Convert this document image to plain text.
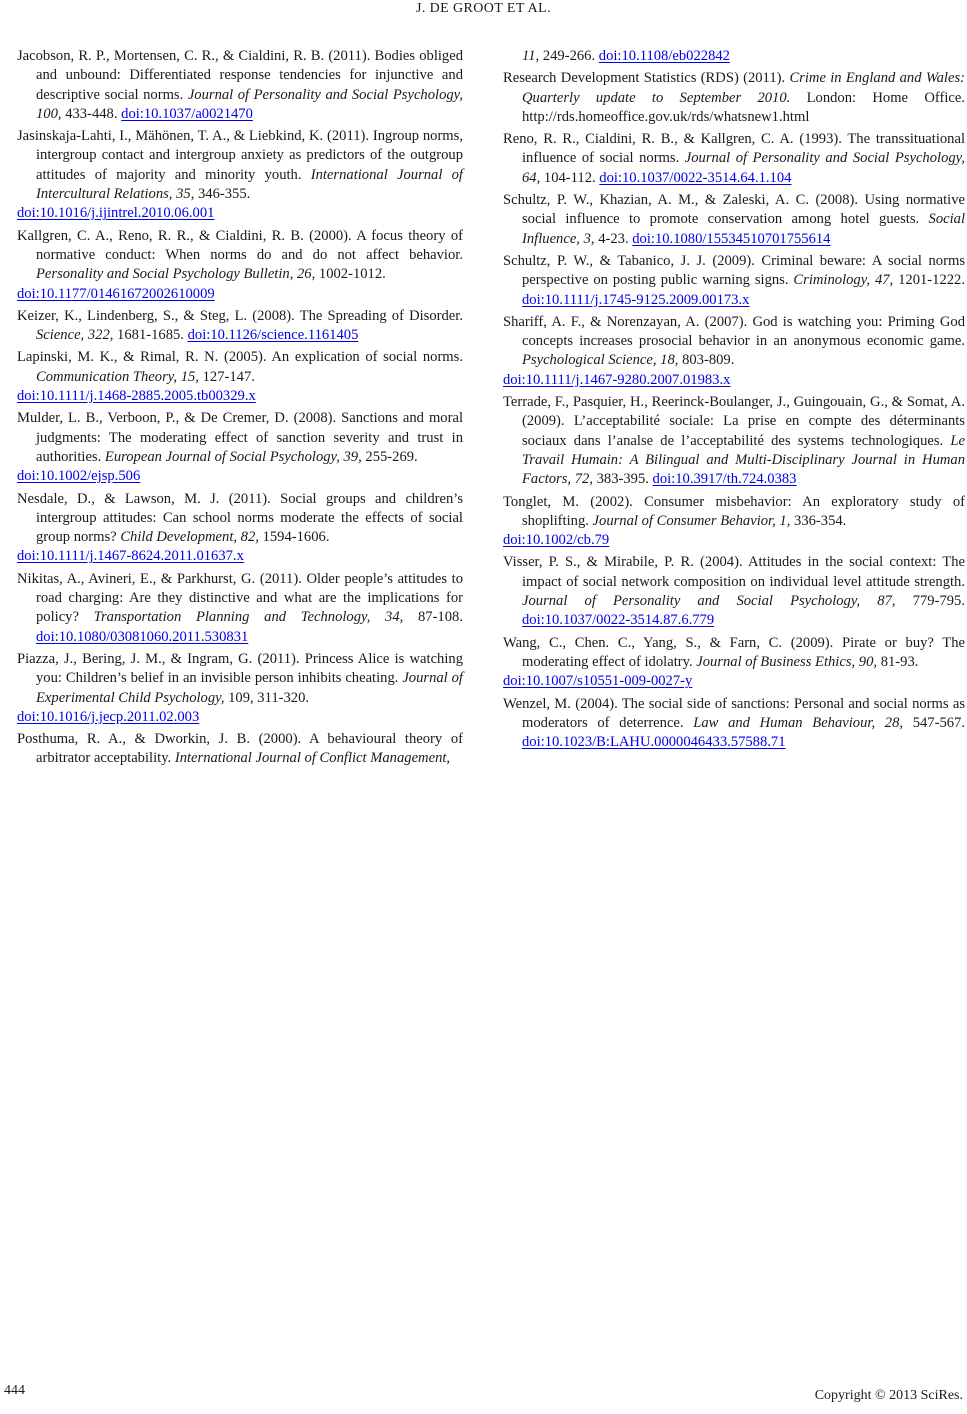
J. DE GROOT ET AL.

Jacobson, R. P., Mortensen, C. R., & Cialdini, R. B. (2011). Bodies obliged and unbound: Differentiated response tendencies for injunctive and descriptive social norms. Journal of Personality and Social Psychology, 100, 433-448. doi:10.1037/a0021470

Jasinskaja-Lahti, I., Mähönen, T. A., & Liebkind, K. (2011). Ingroup norms, intergroup contact and intergroup anxiety as predictors of the outgroup attitudes of majority and minority youth. International Journal of Intercultural Relations, 35, 346-355.
doi:10.1016/j.ijintrel.2010.06.001

Kallgren, C. A., Reno, R. R., & Cialdini, R. B. (2000). A focus theory of normative conduct: When norms do and do not affect behavior. Personality and Social Psychology Bulletin, 26, 1002-1012.
doi:10.1177/01461672002610009

Keizer, K., Lindenberg, S., & Steg, L. (2008). The Spreading of Disorder. Science, 322, 1681-1685. doi:10.1126/science.1161405

Lapinski, M. K., & Rimal, R. N. (2005). An explication of social norms. Communication Theory, 15, 127-147.
doi:10.1111/j.1468-2885.2005.tb00329.x

Mulder, L. B., Verboon, P., & De Cremer, D. (2008). Sanctions and moral judgments: The moderating effect of sanction severity and trust in authorities. European Journal of Social Psychology, 39, 255-269.
doi:10.1002/ejsp.506

Nesdale, D., & Lawson, M. J. (2011). Social groups and children’s intergroup attitudes: Can school norms moderate the effects of social group norms? Child Development, 82, 1594-1606.
doi:10.1111/j.1467-8624.2011.01637.x

Nikitas, A., Avineri, E., & Parkhurst, G. (2011). Older people’s attitudes to road charging: Are they distinctive and what are the implications for policy? Transportation Planning and Technology, 34, 87-108. doi:10.1080/03081060.2011.530831

Piazza, J., Bering, J. M., & Ingram, G. (2011). Princess Alice is watching you: Children’s belief in an invisible person inhibits cheating. Journal of Experimental Child Psychology, 109, 311-320.
doi:10.1016/j.jecp.2011.02.003

Posthuma, R. A., & Dworkin, J. B. (2000). A behavioural theory of arbitrator acceptability. International Journal of Conflict Management,

11, 249-266. doi:10.1108/eb022842

Research Development Statistics (RDS) (2011). Crime in England and Wales: Quarterly update to September 2010. London: Home Office. http://rds.homeoffice.gov.uk/rds/whatsnew1.html

Reno, R. R., Cialdini, R. B., & Kallgren, C. A. (1993). The transsituational influence of social norms. Journal of Personality and Social Psychology, 64, 104-112. doi:10.1037/0022-3514.64.1.104

Schultz, P. W., Khazian, A. M., & Zaleski, A. C. (2008). Using normative social influence to promote conservation among hotel guests. Social Influence, 3, 4-23. doi:10.1080/15534510701755614

Schultz, P. W., & Tabanico, J. J. (2009). Criminal beware: A social norms perspective on posting public warning signs. Criminology, 47, 1201-1222. doi:10.1111/j.1745-9125.2009.00173.x

Shariff, A. F., & Norenzayan, A. (2007). God is watching you: Priming God concepts increases prosocial behavior in an anonymous economic game. Psychological Science, 18, 803-809.
doi:10.1111/j.1467-9280.2007.01983.x

Terrade, F., Pasquier, H., Reerinck-Boulanger, J., Guingouain, G., & Somat, A. (2009). L’acceptabilité sociale: La prise en compte des déterminants sociaux dans l’analse de l’acceptabilité des systems technologiques. Le Travail Humain: A Bilingual and Multi-Disciplinary Journal in Human Factors, 72, 383-395. doi:10.3917/th.724.0383

Tonglet, M. (2002). Consumer misbehavior: An exploratory study of shoplifting. Journal of Consumer Behavior, 1, 336-354.
doi:10.1002/cb.79

Visser, P. S., & Mirabile, P. R. (2004). Attitudes in the social context: The impact of social network composition on individual level attitude strength. Journal of Personality and Social Psychology, 87, 779-795. doi:10.1037/0022-3514.87.6.779

Wang, C., Chen. C., Yang, S., & Farn, C. (2009). Pirate or buy? The moderating effect of idolatry. Journal of Business Ethics, 90, 81-93.
doi:10.1007/s10551-009-0027-y

Wenzel, M. (2004). The social side of sanctions: Personal and social norms as moderators of deterrence. Law and Human Behaviour, 28, 547-567. doi:10.1023/B:LAHU.0000046433.57588.71

444	Copyright © 2013 SciRes.
